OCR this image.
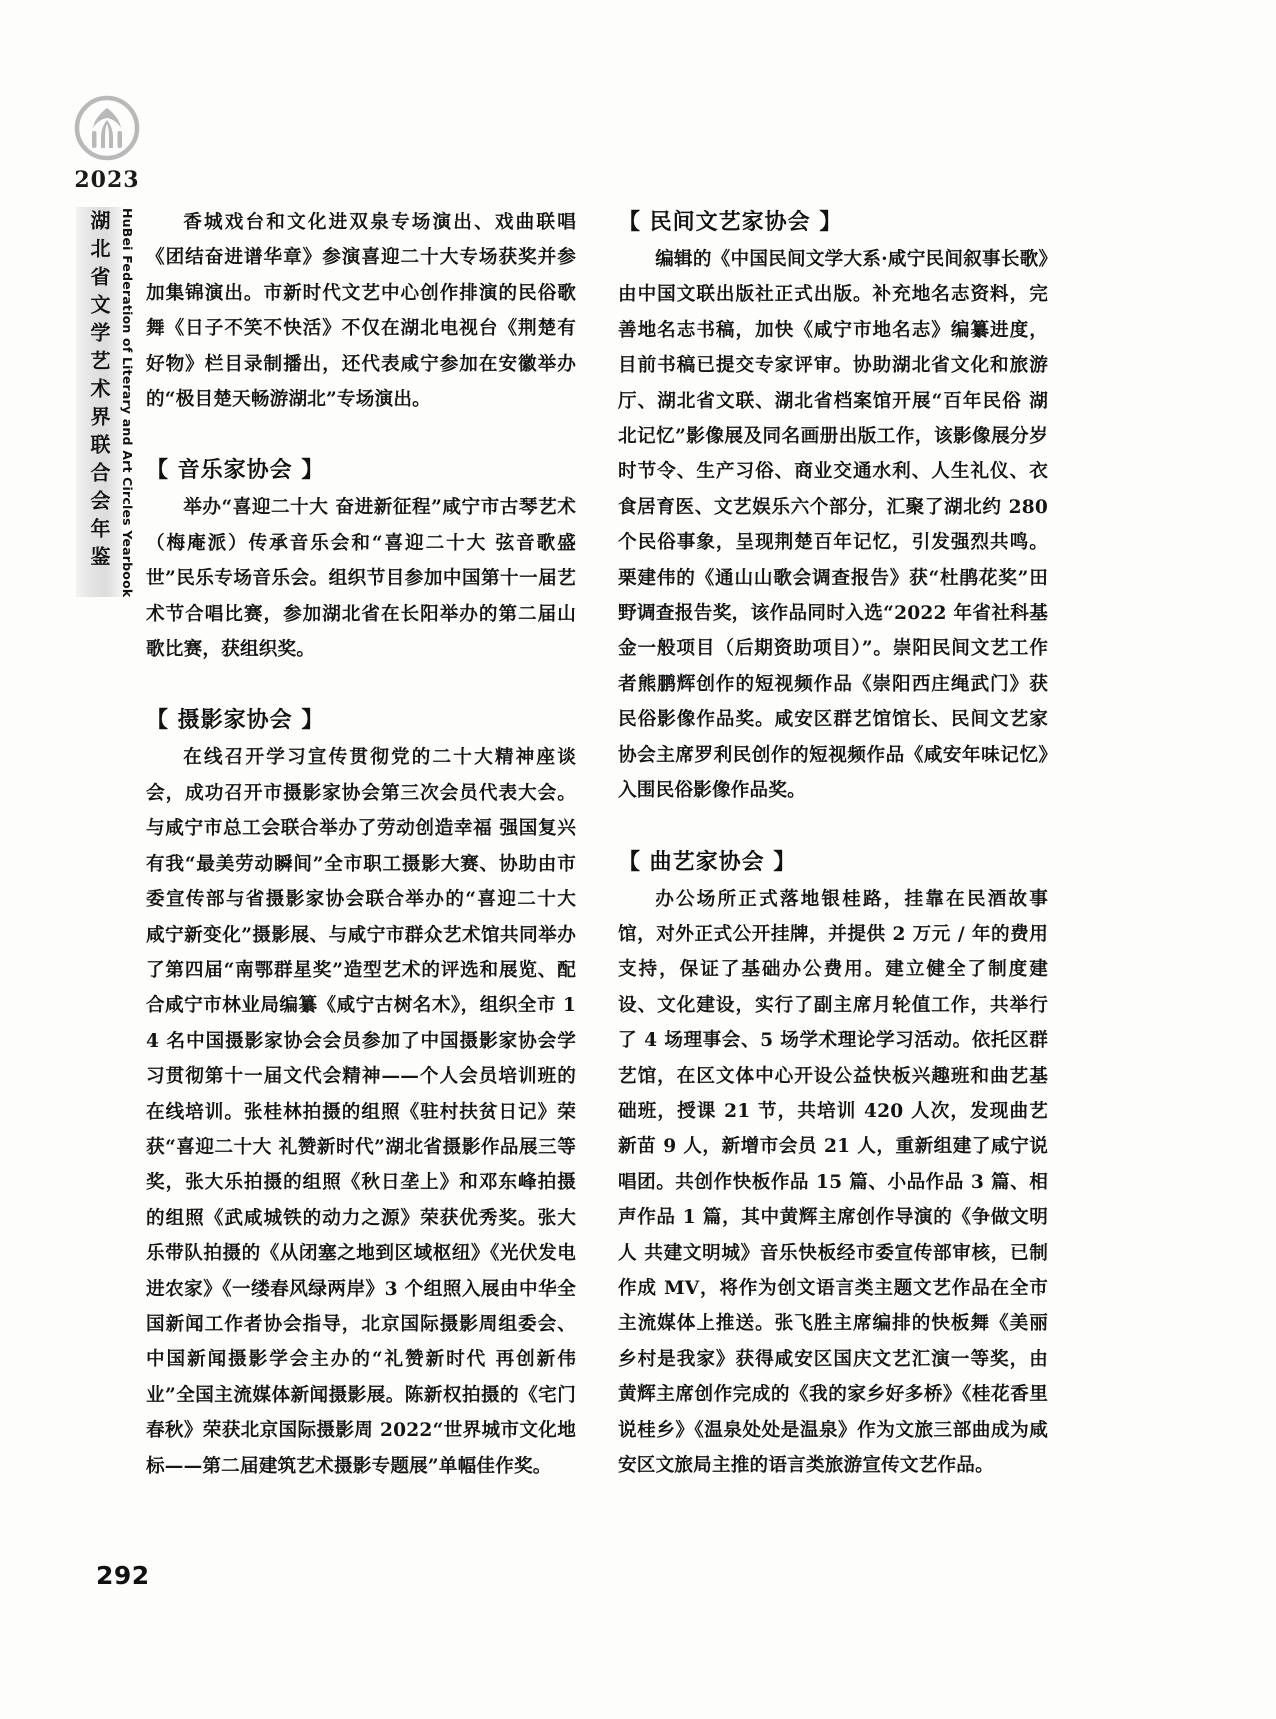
2023
湖北省文学艺术界联合会年鉴 HuBei Federation of Literary and Art Circles Yearbook	香城戏台和文化进双泉专场演出、戏曲联唱《团结奋进谱华章》参演喜迎二十大专场获奖并参加集锦演出。市新时代文艺中心创作排演的民俗歌舞《日子不笑不快活》不仅在湖北电视台《荆楚有好物》栏目录制播出，还代表咸宁参加在安徽举办的“极目楚天畅游湖北”专场演出。

【 音乐家协会 】

举办“喜迎二十大 奋进新征程”咸宁市古琴艺术（梅庵派）传承音乐会和“喜迎二十大 弦音歌盛世”民乐专场音乐会。组织节目参加中国第十一届艺术节合唱比赛，参加湖北省在长阳举办的第二届山歌比赛，获组织奖。

【 摄影家协会 】

在线召开学习宣传贯彻党的二十大精神座谈会，成功召开市摄影家协会第三次会员代表大会。与咸宁市总工会联合举办了劳动创造幸福 强国复兴有我“最美劳动瞬间”全市职工摄影大赛、协助由市委宣传部与省摄影家协会联合举办的“喜迎二十大 咸宁新变化”摄影展、与咸宁市群众艺术馆共同举办了第四届“南鄂群星奖”造型艺术的评选和展览、配合咸宁市林业局编纂《咸宁古树名木》，组织全市 14 名中国摄影家协会会员参加了中国摄影家协会学习贯彻第十一届文代会精神——个人会员培训班的在线培训。张桂林拍摄的组照《驻村扶贫日记》荣获“喜迎二十大 礼赞新时代”湖北省摄影作品展三等奖，张大乐拍摄的组照《秋日垄上》和邓东峰拍摄的组照《武咸城铁的动力之源》荣获优秀奖。张大乐带队拍摄的《从闭塞之地到区域枢纽》《光伏发电进农家》《一缕春风绿两岸》3 个组照入展由中华全国新闻工作者协会指导，北京国际摄影周组委会、中国新闻摄影学会主办的“礼赞新时代 再创新伟业”全国主流媒体新闻摄影展。陈新权拍摄的《宅门春秋》荣获北京国际摄影周 2022“世界城市文化地标——第二届建筑艺术摄影专题展”单幅佳作奖。

【 民间文艺家协会 】

编辑的《中国民间文学大系·咸宁民间叙事长歌》由中国文联出版社正式出版。补充地名志资料，完善地名志书稿，加快《咸宁市地名志》编纂进度，目前书稿已提交专家评审。协助湖北省文化和旅游厅、湖北省文联、湖北省档案馆开展“百年民俗 湖北记忆”影像展及同名画册出版工作，该影像展分岁时节令、生产习俗、商业交通水利、人生礼仪、衣食居育医、文艺娱乐六个部分，汇聚了湖北约 280 个民俗事象，呈现荆楚百年记忆，引发强烈共鸣。栗建伟的《通山山歌会调查报告》获“杜鹃花奖”田野调查报告奖，该作品同时入选“2022 年省社科基金一般项目（后期资助项目）”。崇阳民间文艺工作者熊鹏辉创作的短视频作品《崇阳西庄绳武门》获民俗影像作品奖。咸安区群艺馆馆长、民间文艺家协会主席罗利民创作的短视频作品《咸安年味记忆》入围民俗影像作品奖。

【 曲艺家协会 】

办公场所正式落地银桂路，挂靠在民酒故事馆，对外正式公开挂牌，并提供 2 万元 / 年的费用支持，保证了基础办公费用。建立健全了制度建设、文化建设，实行了副主席月轮值工作，共举行了 4 场理事会、5 场学术理论学习活动。依托区群艺馆，在区文体中心开设公益快板兴趣班和曲艺基础班，授课 21 节，共培训 420 人次，发现曲艺新苗 9 人，新增市会员 21 人，重新组建了咸宁说唱团。共创作快板作品 15 篇、小品作品 3 篇、相声作品 1 篇，其中黄辉主席创作导演的《争做文明人 共建文明城》音乐快板经市委宣传部审核，已制作成 MV，将作为创文语言类主题文艺作品在全市主流媒体上推送。张飞胜主席编排的快板舞《美丽乡村是我家》获得咸安区国庆文艺汇演一等奖，由黄辉主席创作完成的《我的家乡好多桥》《桂花香里说桂乡》《温泉处处是温泉》作为文旅三部曲成为咸安区文旅局主推的语言类旅游宣传文艺作品。

292
